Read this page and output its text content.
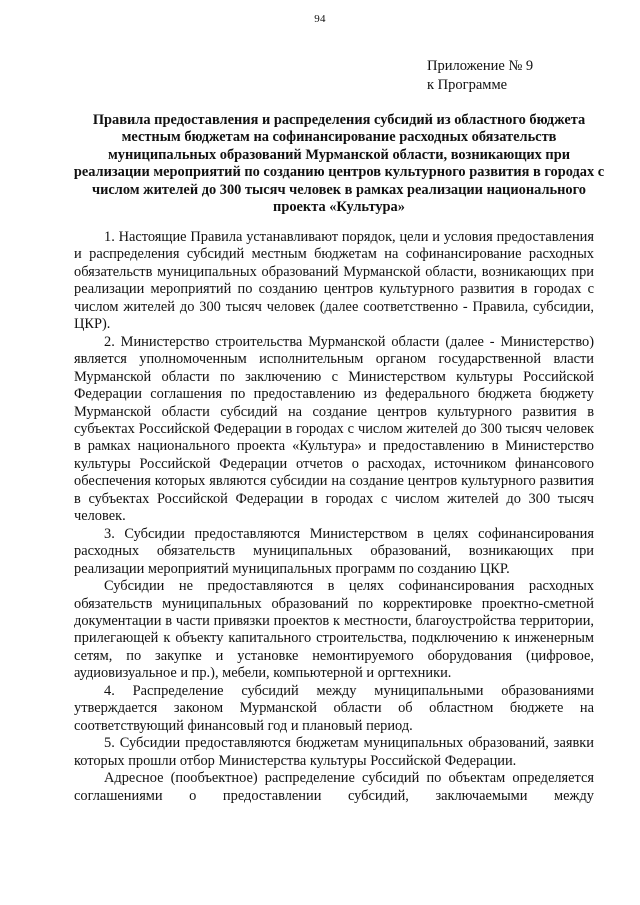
94
Приложение № 9
к Программе
Правила предоставления и распределения субсидий из областного бюджета местным бюджетам на софинансирование расходных обязательств муниципальных образований Мурманской области, возникающих при реализации мероприятий по созданию центров культурного развития в городах с числом жителей до 300 тысяч человек в рамках реализации национального проекта «Культура»

1. Настоящие Правила устанавливают порядок, цели и условия предоставления и распределения субсидий местным бюджетам на софинансирование расходных обязательств муниципальных образований Мурманской области, возникающих при реализации мероприятий по созданию центров культурного развития в городах с числом жителей до 300 тысяч человек (далее соответственно - Правила, субсидии, ЦКР).

2. Министерство строительства Мурманской области (далее - Министерство) является уполномоченным исполнительным органом государственной власти Мурманской области по заключению с Министерством культуры Российской Федерации соглашения по предоставлению из федерального бюджета бюджету Мурманской области субсидий на создание центров культурного развития в субъектах Российской Федерации в городах с числом жителей до 300 тысяч человек в рамках национального проекта «Культура» и предоставлению в Министерство культуры Российской Федерации отчетов о расходах, источником финансового обеспечения которых являются субсидии на создание центров культурного развития в субъектах Российской Федерации в городах с числом жителей до 300 тысяч человек.

3. Субсидии предоставляются Министерством в целях софинансирования расходных обязательств муниципальных образований, возникающих при реализации мероприятий муниципальных программ по созданию ЦКР.

Субсидии не предоставляются в целях софинансирования расходных обязательств муниципальных образований по корректировке проектно-сметной документации в части привязки проектов к местности, благоустройства территории, прилегающей к объекту капитального строительства, подключению к инженерным сетям, по закупке и установке немонтируемого оборудования (цифровое, аудиовизуальное и пр.), мебели, компьютерной и оргтехники.

4. Распределение субсидий между муниципальными образованиями утверждается законом Мурманской области об областном бюджете на соответствующий финансовый год и плановый период.

5. Субсидии предоставляются бюджетам муниципальных образований, заявки которых прошли отбор Министерства культуры Российской Федерации.

Адресное (пообъектное) распределение субсидий по объектам определяется соглашениями о предоставлении субсидий, заключаемыми между
